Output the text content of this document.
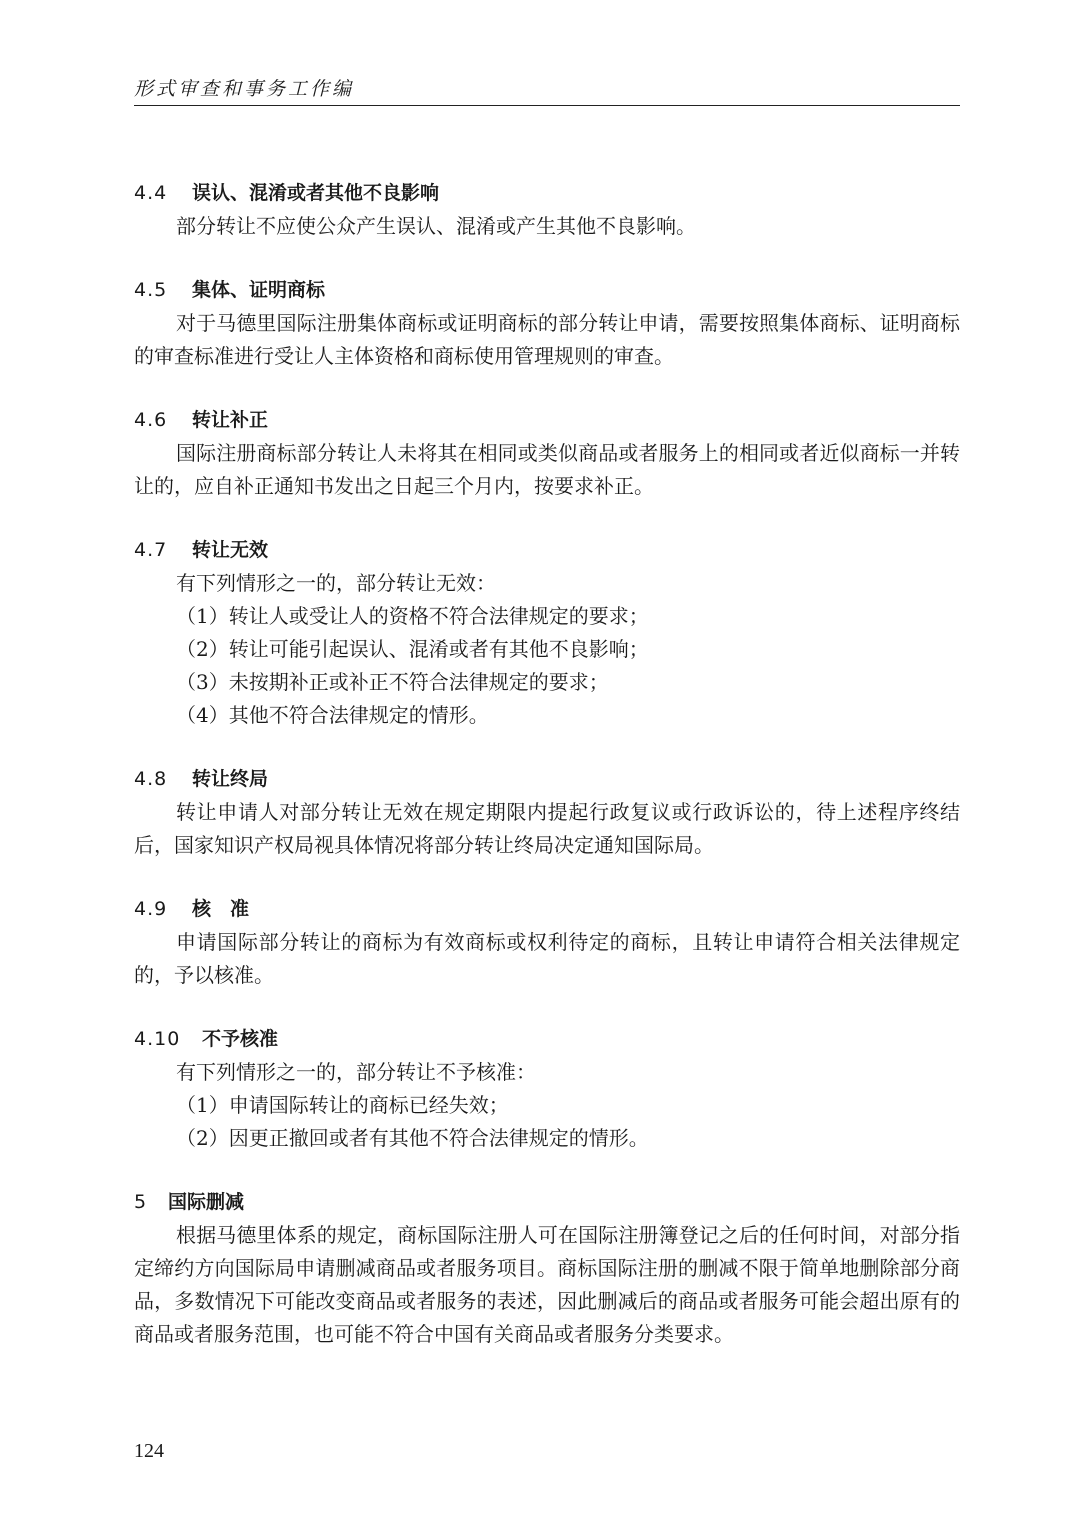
形式审查和事务工作编
4.4 误认、混淆或者其他不良影响

部分转让不应使公众产生误认、混淆或产生其他不良影响。

4.5 集体、证明商标

对于马德里国际注册集体商标或证明商标的部分转让申请，需要按照集体商标、证明商标的审查标准进行受让人主体资格和商标使用管理规则的审查。

4.6 转让补正

国际注册商标部分转让人未将其在相同或类似商品或者服务上的相同或者近似商标一并转让的，应自补正通知书发出之日起三个月内，按要求补正。

4.7 转让无效

有下列情形之一的，部分转让无效：

（1）转让人或受让人的资格不符合法律规定的要求；

（2）转让可能引起误认、混淆或者有其他不良影响；

（3）未按期补正或补正不符合法律规定的要求；

（4）其他不符合法律规定的情形。

4.8 转让终局

转让申请人对部分转让无效在规定期限内提起行政复议或行政诉讼的，待上述程序终结后，国家知识产权局视具体情况将部分转让终局决定通知国际局。

4.9 核　准

申请国际部分转让的商标为有效商标或权利待定的商标，且转让申请符合相关法律规定的，予以核准。

4.10 不予核准

有下列情形之一的，部分转让不予核准：

（1）申请国际转让的商标已经失效；

（2）因更正撤回或者有其他不符合法律规定的情形。

5 国际删减

根据马德里体系的规定，商标国际注册人可在国际注册簿登记之后的任何时间，对部分指定缔约方向国际局申请删减商品或者服务项目。商标国际注册的删减不限于简单地删除部分商品，多数情况下可能改变商品或者服务的表述，因此删减后的商品或者服务可能会超出原有的商品或者服务范围，也可能不符合中国有关商品或者服务分类要求。

124
